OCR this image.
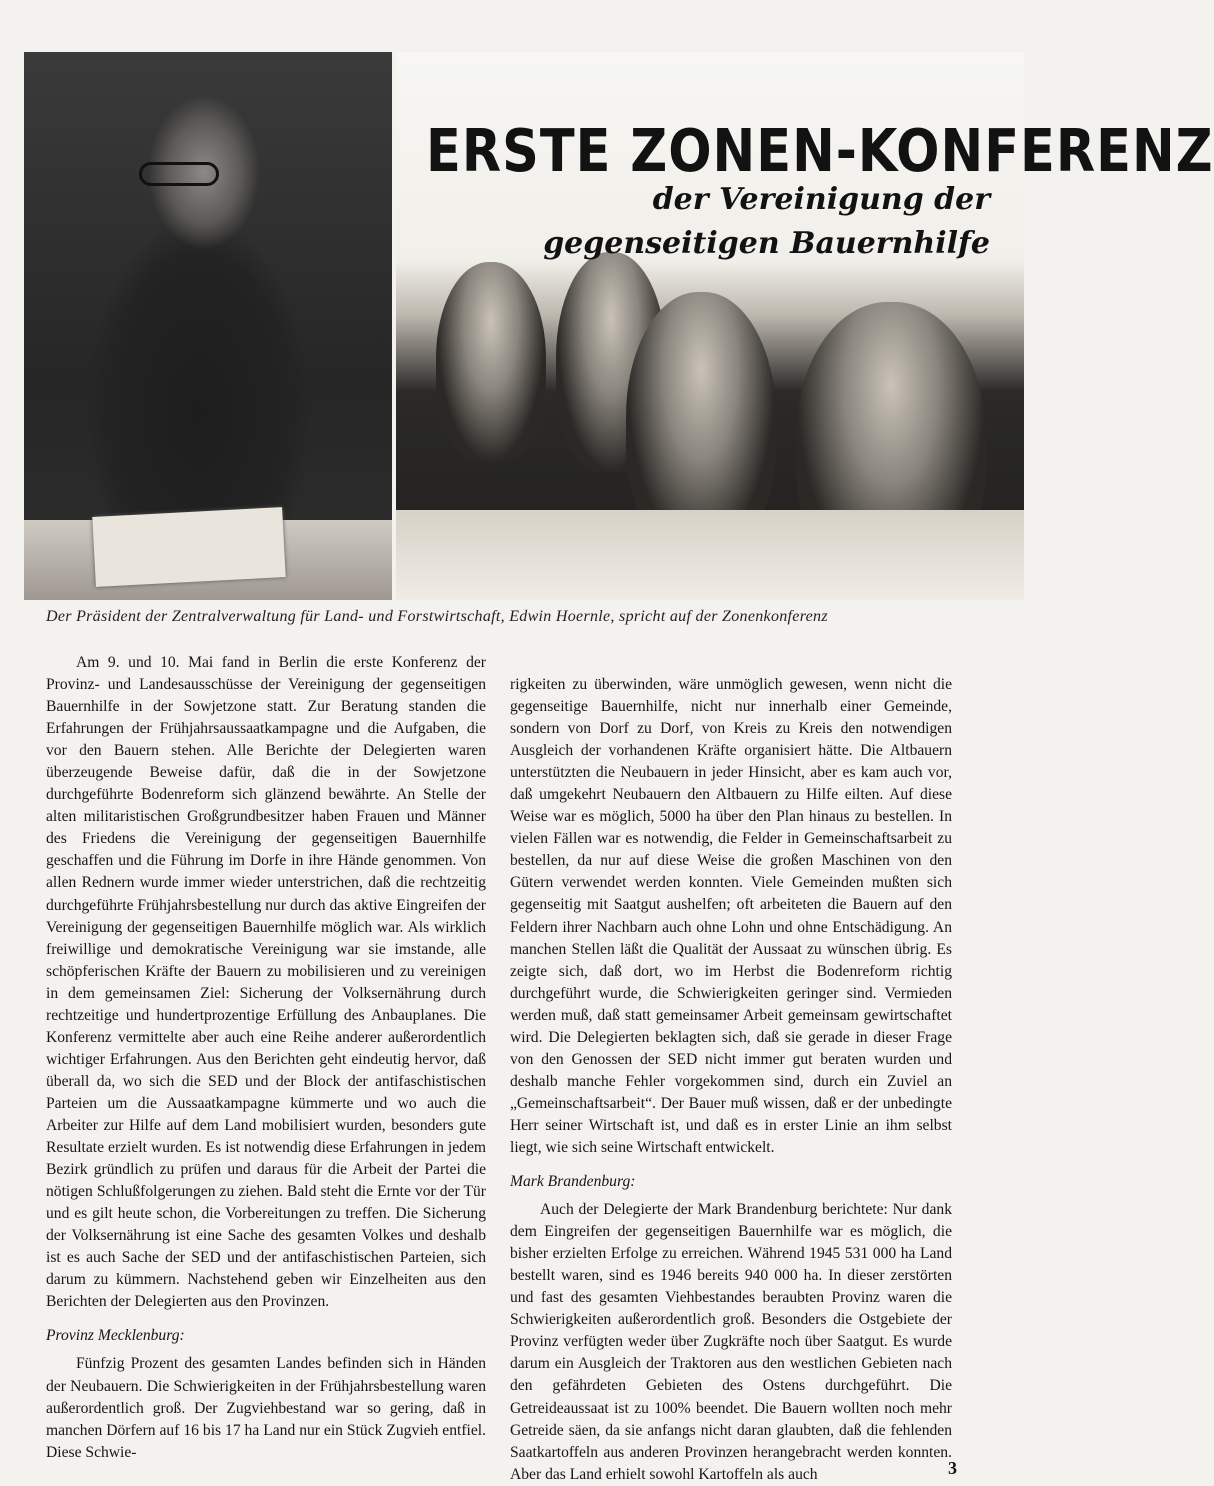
ERSTE ZONEN-KONFERENZ
der Vereinigung der gegenseitigen Bauernhilfe
Der Präsident der Zentralverwaltung für Land- und Forstwirtschaft, Edwin Hoernle, spricht auf der Zonenkonferenz

Am 9. und 10. Mai fand in Berlin die erste Konferenz der Provinz- und Landesausschüsse der Vereinigung der gegenseitigen Bauernhilfe in der Sowjetzone statt. Zur Beratung standen die Erfahrungen der Frühjahrsaussaatkampagne und die Aufgaben, die vor den Bauern stehen. Alle Berichte der Delegierten waren überzeugende Beweise dafür, daß die in der Sowjetzone durchgeführte Bodenreform sich glänzend bewährte. An Stelle der alten militaristischen Großgrundbesitzer haben Frauen und Männer des Friedens die Vereinigung der gegenseitigen Bauernhilfe geschaffen und die Führung im Dorfe in ihre Hände genommen. Von allen Rednern wurde immer wieder unterstrichen, daß die rechtzeitig durchgeführte Frühjahrsbestellung nur durch das aktive Eingreifen der Vereinigung der gegenseitigen Bauernhilfe möglich war. Als wirklich freiwillige und demokratische Vereinigung war sie imstande, alle schöpferischen Kräfte der Bauern zu mobilisieren und zu vereinigen in dem gemeinsamen Ziel: Sicherung der Volksernährung durch rechtzeitige und hundertprozentige Erfüllung des Anbauplanes. Die Konferenz vermittelte aber auch eine Reihe anderer außerordentlich wichtiger Erfahrungen. Aus den Berichten geht eindeutig hervor, daß überall da, wo sich die SED und der Block der antifaschistischen Parteien um die Aussaatkampagne kümmerte und wo auch die Arbeiter zur Hilfe auf dem Land mobilisiert wurden, besonders gute Resultate erzielt wurden. Es ist notwendig diese Erfahrungen in jedem Bezirk gründlich zu prüfen und daraus für die Arbeit der Partei die nötigen Schlußfolgerungen zu ziehen. Bald steht die Ernte vor der Tür und es gilt heute schon, die Vorbereitungen zu treffen. Die Sicherung der Volksernährung ist eine Sache des gesamten Volkes und deshalb ist es auch Sache der SED und der antifaschistischen Parteien, sich darum zu kümmern. Nachstehend geben wir Einzelheiten aus den Berichten der Delegierten aus den Provinzen.

Provinz Mecklenburg:

Fünfzig Prozent des gesamten Landes befinden sich in Händen der Neubauern. Die Schwierigkeiten in der Frühjahrsbestellung waren außerordentlich groß. Der Zugviehbestand war so gering, daß in manchen Dörfern auf 16 bis 17 ha Land nur ein Stück Zugvieh entfiel. Diese Schwie-

rigkeiten zu überwinden, wäre unmöglich gewesen, wenn nicht die gegenseitige Bauernhilfe, nicht nur innerhalb einer Gemeinde, sondern von Dorf zu Dorf, von Kreis zu Kreis den notwendigen Ausgleich der vorhandenen Kräfte organisiert hätte. Die Altbauern unterstützten die Neubauern in jeder Hinsicht, aber es kam auch vor, daß umgekehrt Neubauern den Altbauern zu Hilfe eilten. Auf diese Weise war es möglich, 5000 ha über den Plan hinaus zu bestellen. In vielen Fällen war es notwendig, die Felder in Gemeinschaftsarbeit zu bestellen, da nur auf diese Weise die großen Maschinen von den Gütern verwendet werden konnten. Viele Gemeinden mußten sich gegenseitig mit Saatgut aushelfen; oft arbeiteten die Bauern auf den Feldern ihrer Nachbarn auch ohne Lohn und ohne Entschädigung. An manchen Stellen läßt die Qualität der Aussaat zu wünschen übrig. Es zeigte sich, daß dort, wo im Herbst die Bodenreform richtig durchgeführt wurde, die Schwierigkeiten geringer sind. Vermieden werden muß, daß statt gemeinsamer Arbeit gemeinsam gewirtschaftet wird. Die Delegierten beklagten sich, daß sie gerade in dieser Frage von den Genossen der SED nicht immer gut beraten wurden und deshalb manche Fehler vorgekommen sind, durch ein Zuviel an „Gemeinschaftsarbeit“. Der Bauer muß wissen, daß er der unbedingte Herr seiner Wirtschaft ist, und daß es in erster Linie an ihm selbst liegt, wie sich seine Wirtschaft entwickelt.

Mark Brandenburg:

Auch der Delegierte der Mark Brandenburg berichtete: Nur dank dem Eingreifen der gegenseitigen Bauernhilfe war es möglich, die bisher erzielten Erfolge zu erreichen. Während 1945 531 000 ha Land bestellt waren, sind es 1946 bereits 940 000 ha. In dieser zerstörten und fast des gesamten Viehbestandes beraubten Provinz waren die Schwierigkeiten außerordentlich groß. Besonders die Ostgebiete der Provinz verfügten weder über Zugkräfte noch über Saatgut. Es wurde darum ein Ausgleich der Traktoren aus den westlichen Gebieten nach den gefährdeten Gebieten des Ostens durchgeführt. Die Getreideaussaat ist zu 100% beendet. Die Bauern wollten noch mehr Getreide säen, da sie anfangs nicht daran glaubten, daß die fehlenden Saatkartoffeln aus anderen Provinzen herangebracht werden konnten. Aber das Land erhielt sowohl Kartoffeln als auch	3
